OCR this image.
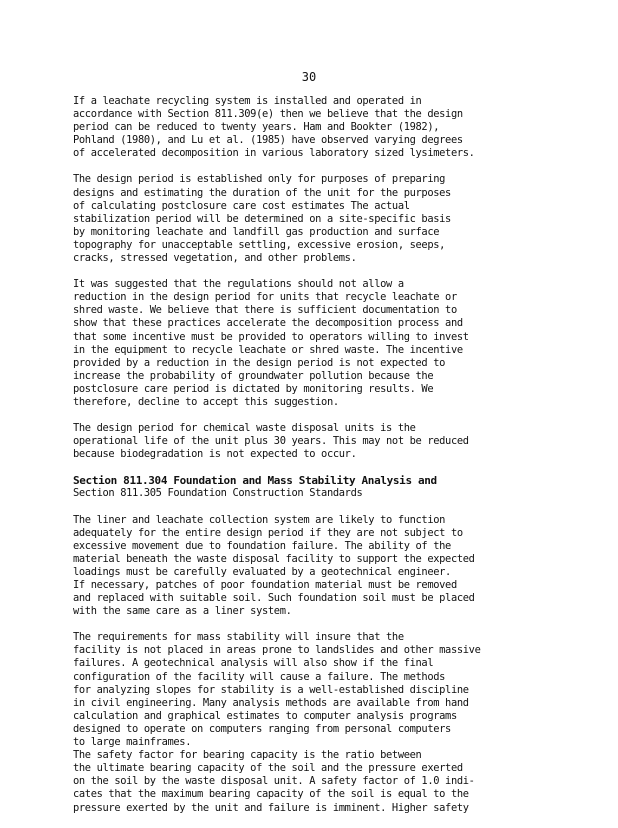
30
If a leachate recycling system is installed and operated in
accordance with Section 811.309(e) then we believe that the design
period can be reduced to twenty years. Ham and Bookter (1982),
Pohland (1980), and Lu et al. (1985) have observed varying degrees
of accelerated decomposition in various laboratory sized lysimeters.
The design period is established only for purposes of preparing
designs and estimating the duration of the unit for the purposes
of calculating postclosure care cost estimates The actual
stabilization period will be determined on a site-specific basis
by monitoring leachate and landfill gas production and surface
topography for unacceptable settling, excessive erosion, seeps,
cracks, stressed vegetation, and other problems.
It was suggested that the regulations should not allow a
reduction in the design period for units that recycle leachate or
shred waste. We believe that there is sufficient documentation to
show that these practices accelerate the decomposition process and
that some incentive must be provided to operators willing to invest
in the equipment to recycle leachate or shred waste. The incentive
provided by a reduction in the design period is not expected to
increase the probability of groundwater pollution because the
postclosure care period is dictated by monitoring results. We
therefore, decline to accept this suggestion.
The design period for chemical waste disposal units is the
operational life of the unit plus 30 years. This may not be reduced
because biodegradation is not expected to occur.
Section 811.304 Foundation and Mass Stability Analysis and
Section 811.305 Foundation Construction Standards
The liner and leachate collection system are likely to function
adequately for the entire design period if they are not subject to
excessive movement due to foundation failure. The ability of the
material beneath the waste disposal facility to support the expected
loadings must be carefully evaluated by a geotechnical engineer.
If necessary, patches of poor foundation material must be removed
and replaced with suitable soil. Such foundation soil must be placed
with the same care as a liner system.
The requirements for mass stability will insure that the
facility is not placed in areas prone to landslides and other massive
failures. A geotechnical analysis will also show if the final
configuration of the facility will cause a failure. The methods
for analyzing slopes for stability is a well-established discipline
in civil engineering. Many analysis methods are available from hand
calculation and graphical estimates to computer analysis programs
designed to operate on computers ranging from personal computers
to large mainframes.
The safety factor for bearing capacity is the ratio between
the ultimate bearing capacity of the soil and the pressure exerted
on the soil by the waste disposal unit. A safety factor of 1.0 indi-
cates that the maximum bearing capacity of the soil is equal to the
pressure exerted by the unit and failure is imminent. Higher safety
